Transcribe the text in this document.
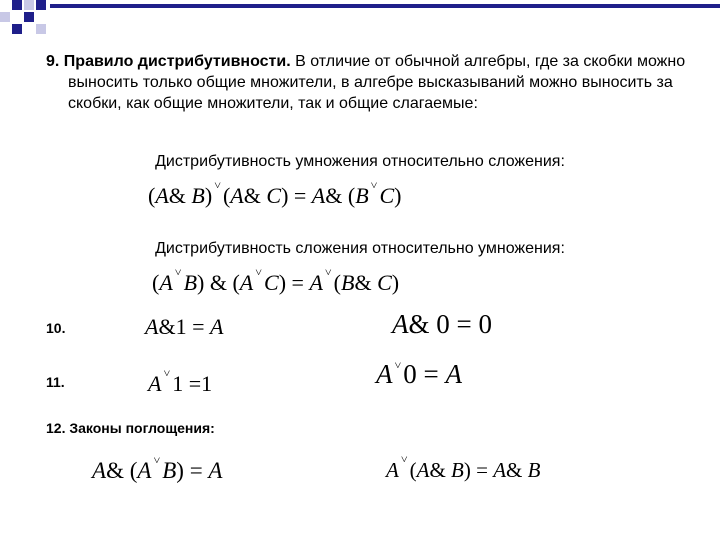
9. Правило дистрибутивности. В отличие от обычной алгебры, где за скобки можно выносить только общие множители, в алгебре высказываний можно выносить за скобки, как общие множители, так и общие слагаемые:
Дистрибутивность умножения относительно сложения:
(A& B) ˅(A& C) = A& (B ˅C)
Дистрибутивность сложения относительно умножения:
(A ˅B) & (A ˅C) = A ˅(B& C)
10.	A&1 = A	A& 0 = 0
11.	A ˅1 =1	A ˅0 = A
12. Законы поглощения:
A& (A ˅B) = A	A ˅(A& B) = A& B
